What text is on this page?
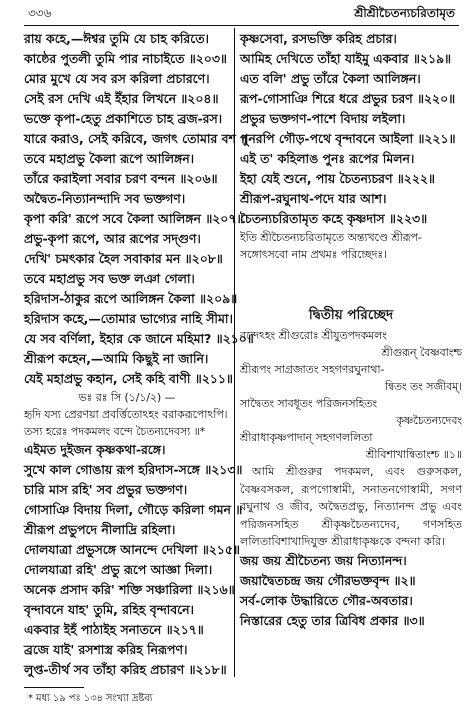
৩৩৬	শ্রীশ্রীচৈতন্যচরিতামৃত
রায় কহে,—ঈশ্বর তুমি যে চাহ করিতে।
কাষ্ঠের পুতলী তুমি পার নাচাইতে ॥২০৩॥
মোর মুখে যে সব রস করিলা প্রচারণে।
সেই রস দেখি এই ইঁহার লিখনে ॥২০৪॥
ভক্তে কৃপা-হেতু প্রকাশিতে চাহ ব্রজ-রস।
যারে করাও, সেই করিবে, জগৎ তোমার বশ ॥
তবে মহাপ্রভু কৈলা রূপে আলিঙ্গন।
তাঁরে করাইলা সবার চরণ বন্দন ॥২০৬॥
অদ্বৈত-নিত্যানন্দাদি সব ভক্তগণ।
কৃপা করি' রূপে সবে কৈলা আলিঙ্গন ॥২০৭॥
প্রভু-কৃপা রূপে, আর রূপের সদ্গুণ।
দেখি' চমৎকার হৈল সবাকার মন ॥২০৮॥
তবে মহাপ্রভু সব ভক্ত লঞা গেলা।
হরিদাস-ঠাকুর রূপে আলিঙ্গন কৈলা ॥২০৯॥
হরিদাস কহে,—তোমার ভাগ্যের নাহি সীমা।
যে সব বর্ণিলা, ইহার কে জানে মহিমা? ॥২১০॥
শ্রীরূপ কহেন,—আমি কিছুই না জানি।
যেই মহাপ্রভু কহান, সেই কহি বাণী ॥২১১॥
ভঃ রঃ সি (১/১/২) —
হৃদি যস্য প্রেরণয়া প্রবর্ত্তিতোঽহং বরাকরূপোঽপি।
তস্য হরেঃ পদকমলং বন্দে চৈতন্যদেবস্য ॥*
এইমত দুইজন কৃষ্ণকথা-রঙ্গে।
সুখে কাল গোঙায় রূপ হরিদাস-সঙ্গে ॥২১৩॥
চারি মাস রহি' সব প্রভুর ভক্তগণ।
গোসাঞি বিদায় দিলা, গৌড়ে করিলা গমন ॥
শ্রীরূপ প্রভুপদে নীলাদ্রি রহিলা।
দোলযাত্রা প্রভুসঙ্গে আনন্দে দেখিলা ॥২১৫॥
দোলযাত্রা রহি' প্রভু রূপে আজ্ঞা দিলা।
অনেক প্রসাদ করি' শক্তি সঞ্চারিলা ॥২১৬॥
বৃন্দাবনে যাহ' তুমি, রহিহ বৃন্দাবনে।
একবার ইহঁ পাঠাইহ সনাতনে ॥২১৭॥
ব্রজে যাই' রসশাস্ত্র করিহ নিরূপণ।
লুপ্ত-তীর্থ সব তাঁহা করিহ প্রচারণ ॥২১৮॥
কৃষ্ণসেবা, রসভক্তি করিহ প্রচার।
আমিহ দেখিতে তাঁহা যাইমু একবার ॥২১৯॥
এত বলি' প্রভু তাঁরে কৈলা আলিঙ্গন।
রূপ-গোসাঞি শিরে ধরে প্রভুর চরণ ॥২২০॥
প্রভুর ভক্তগণ-পাশে বিদায় লইলা।
পুনরপি গৌড়-পথে বৃন্দাবনে আইলা ॥২২১॥
এই ত' কহিলাঙ পুনঃ রূপের মিলন।
ইহা যেই শুনে, পায় চৈতন্যচরণ ॥২২২॥
শ্রীরূপ-রঘুনাথ-পদে যার আশ।
চৈতন্যচরিতামৃত কহে কৃষ্ণদাস ॥২২৩॥
ইতি শ্রীচৈতন্যচরিতামৃতে অন্ত্যখণ্ডে শ্রীরূপ-
সঙ্গোৎসবো নাম প্রথমঃ পরিচ্ছেদঃ।
দ্বিতীয় পরিচ্ছেদ
বন্দেঽহং শ্রীগুরোঃ শ্রীযুতপদকমলং
শ্রীগুরূন্ বৈষ্ণবাংশ্চ
শ্রীরূপং সাগ্রজাতং সহগণরঘুনাথা-
ন্বিতং তং সজীবম্।
সাদ্বৈতং সাবধূতং পরিজনসহিতং
কৃষ্ণচৈতন্যদেবং
শ্রীরাধাকৃষ্ণপাদান্ সহগণললিতা
শ্রীবিশাখান্বিতাংশ্চ ॥১॥
আমি শ্রীগুরুর পদকমল, এবং গুরুসকল, বৈষ্ণবসকল, রূপগোস্বামী, সনাতনগোস্বামী, সগণ রঘুনাথ ও জীব, অদ্বৈতপ্রভু, নিত্যানন্দ প্রভু এবং পরিজনসহিত শ্রীকৃষ্ণচৈতন্যদেব, গণসহিত ললিতাবিশাখাদিযুক্ত শ্রীরাধাকৃষ্ণকে বন্দনা করি।
জয় জয় শ্রীচৈতন্য জয় নিত্যানন্দ।
জয়াদ্বৈতচন্দ্র জয় গৌরভক্তবৃন্দ ॥২॥
সর্ব-লোক উদ্ধারিতে গৌর-অবতার।
নিস্তারের হেতু তার ত্রিবিধ প্রকার ॥৩॥
* মধ্য ১৯ পঃ ১৩৪ সংখ্যা দ্রষ্টব্য
